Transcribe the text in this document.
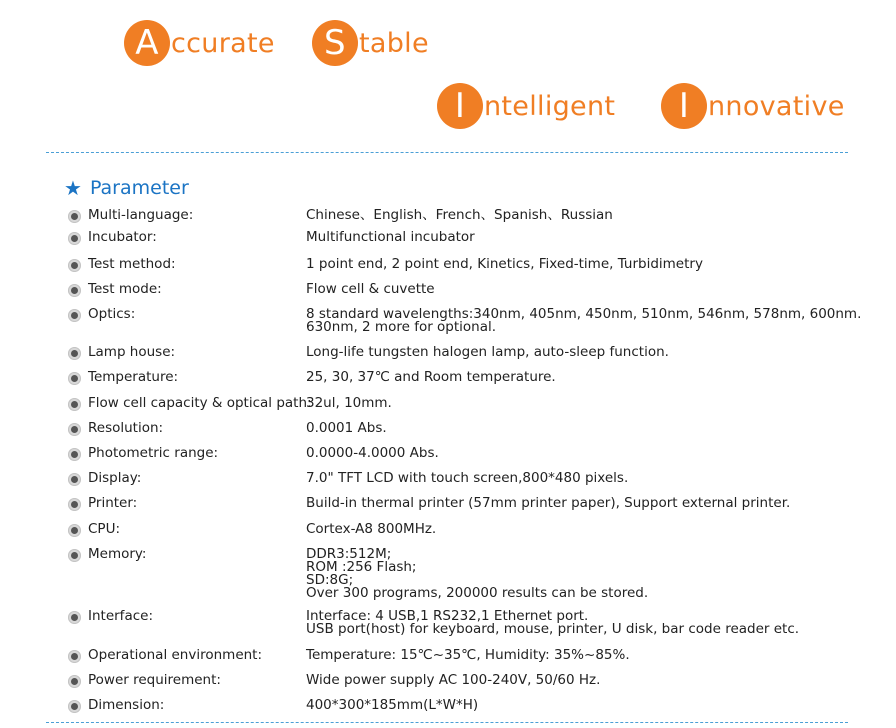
A ccurate	S table
I ntelligent	I nnovative
★ Parameter
Multi-language:	Chinese、English、French、Spanish、Russian
Incubator:	Multifunctional incubator
Test method:	1 point end, 2 point end, Kinetics, Fixed-time, Turbidimetry
Test mode:	Flow cell & cuvette
Optics:	8 standard wavelengths:340nm, 405nm, 450nm, 510nm, 546nm, 578nm, 600nm.
630nm, 2 more for optional.
Lamp house:	Long-life tungsten halogen lamp, auto-sleep function.
Temperature:	25, 30, 37℃ and Room temperature.
Flow cell capacity & optical path:
32ul, 10mm.
Resolution:	0.0001 Abs.
Photometric range:	0.0000-4.0000 Abs.
Display:	7.0" TFT LCD with touch screen,800*480 pixels.
Printer:	Build-in thermal printer (57mm printer paper), Support external printer.
CPU:	Cortex-A8 800MHz.
Memory:	DDR3:512M;
ROM :256 Flash;
SD:8G;
Over 300 programs, 200000 results can be stored.
Interface:	Interface: 4 USB,1 RS232,1 Ethernet port.
USB port(host) for keyboard, mouse, printer, U disk, bar code reader etc.
Operational environment:	Temperature: 15℃~35℃, Humidity: 35%~85%.
Power requirement:	Wide power supply AC 100-240V, 50/60 Hz.
Dimension:	400*300*185mm(L*W*H)
